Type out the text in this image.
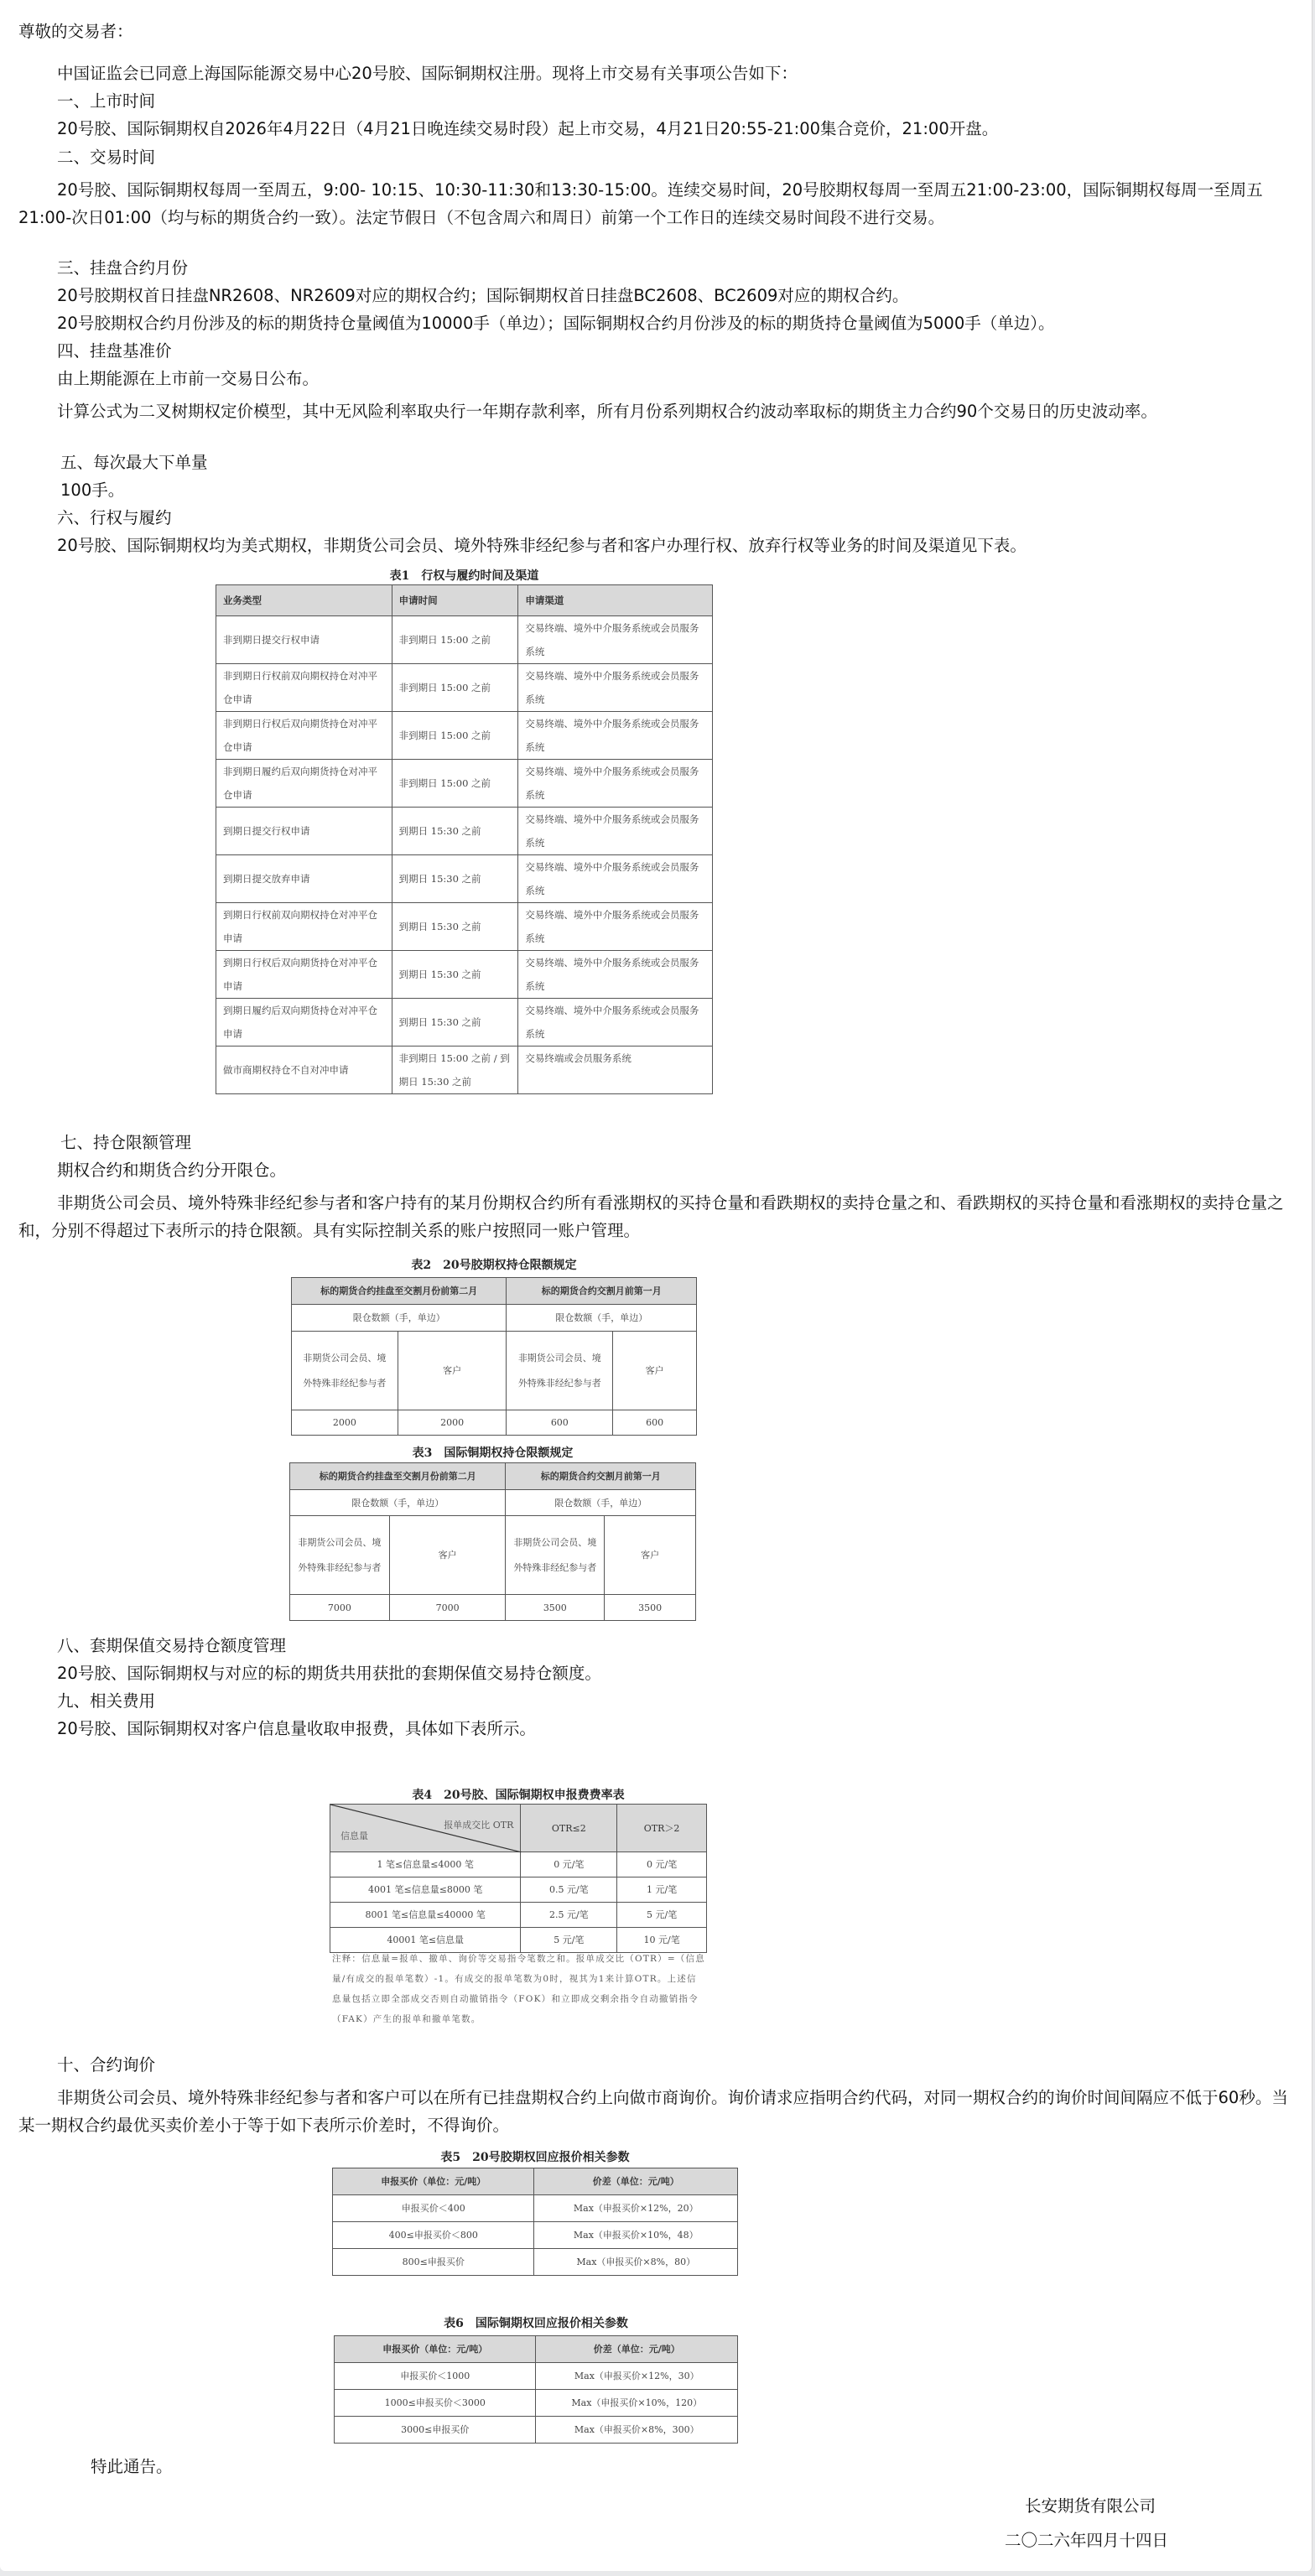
尊敬的交易者：
中国证监会已同意上海国际能源交易中心20号胶、国际铜期权注册。现将上市交易有关事项公告如下：
一、上市时间
20号胶、国际铜期权自2026年4月22日（4月21日晚连续交易时段）起上市交易，4月21日20:55-21:00集合竞价，21:00开盘。
二、交易时间
20号胶、国际铜期权每周一至周五，9:00- 10:15、10:30-11:30和13:30-15:00。连续交易时间，20号胶期权每周一至周五21:00-23:00，国际铜期权每周一至周五21:00-次日01:00（均与标的期货合约一致）。法定节假日（不包含周六和周日）前第一个工作日的连续交易时间段不进行交易。
三、挂盘合约月份
20号胶期权首日挂盘NR2608、NR2609对应的期权合约；国际铜期权首日挂盘BC2608、BC2609对应的期权合约。
20号胶期权合约月份涉及的标的期货持仓量阈值为10000手（单边）；国际铜期权合约月份涉及的标的期货持仓量阈值为5000手（单边）。
四、挂盘基准价
由上期能源在上市前一交易日公布。
计算公式为二叉树期权定价模型，其中无风险利率取央行一年期存款利率，所有月份系列期权合约波动率取标的期货主力合约90个交易日的历史波动率。
五、每次最大下单量
100手。
六、行权与履约
20号胶、国际铜期权均为美式期权，非期货公司会员、境外特殊非经纪参与者和客户办理行权、放弃行权等业务的时间及渠道见下表。
表1　行权与履约时间及渠道
业务类型	申请时间	申请渠道
非到期日提交行权申请	非到期日 15:00 之前	交易终端、境外中介服务系统或会员服务系统
非到期日行权前双向期权持仓对冲平仓申请	非到期日 15:00 之前	交易终端、境外中介服务系统或会员服务系统
非到期日行权后双向期货持仓对冲平仓申请	非到期日 15:00 之前	交易终端、境外中介服务系统或会员服务系统
非到期日履约后双向期货持仓对冲平仓申请	非到期日 15:00 之前	交易终端、境外中介服务系统或会员服务系统
到期日提交行权申请	到期日 15:30 之前	交易终端、境外中介服务系统或会员服务系统
到期日提交放弃申请	到期日 15:30 之前	交易终端、境外中介服务系统或会员服务系统
到期日行权前双向期权持仓对冲平仓申请	到期日 15:30 之前	交易终端、境外中介服务系统或会员服务系统
到期日行权后双向期货持仓对冲平仓申请	到期日 15:30 之前	交易终端、境外中介服务系统或会员服务系统
到期日履约后双向期货持仓对冲平仓申请	到期日 15:30 之前	交易终端、境外中介服务系统或会员服务系统
做市商期权持仓不自对冲申请	非到期日 15:00 之前 / 到期日 15:30 之前	交易终端或会员服务系统
七、持仓限额管理
期权合约和期货合约分开限仓。
非期货公司会员、境外特殊非经纪参与者和客户持有的某月份期权合约所有看涨期权的买持仓量和看跌期权的卖持仓量之和、看跌期权的买持仓量和看涨期权的卖持仓量之和，分别不得超过下表所示的持仓限额。具有实际控制关系的账户按照同一账户管理。
表2　20号胶期权持仓限额规定
标的期货合约挂盘至交割月份前第二月		标的期货合约交割月前第一月	
限仓数额（手，单边）		限仓数额（手，单边）	
非期货公司会员、境外特殊非经纪参与者	客户	非期货公司会员、境外特殊非经纪参与者	客户
2000	2000	600	600
表3　国际铜期权持仓限额规定
标的期货合约挂盘至交割月份前第二月		标的期货合约交割月前第一月	
限仓数额（手，单边）		限仓数额（手，单边）	
非期货公司会员、境外特殊非经纪参与者	客户	非期货公司会员、境外特殊非经纪参与者	客户
7000	7000	3500	3500
八、套期保值交易持仓额度管理
20号胶、国际铜期权与对应的标的期货共用获批的套期保值交易持仓额度。
九、相关费用
20号胶、国际铜期权对客户信息量收取申报费，具体如下表所示。
表4　20号胶、国际铜期权申报费费率表
报单成交比 OTR
信息量	OTR≤2	OTR＞2
1 笔≤信息量≤4000 笔	0 元/笔	0 元/笔
4001 笔≤信息量≤8000 笔	0.5 元/笔	1 元/笔
8001 笔≤信息量≤40000 笔	2.5 元/笔	5 元/笔
40001 笔≤信息量	5 元/笔	10 元/笔
注释：信息量=报单、撤单、询价等交易指令笔数之和。报单成交比（OTR）=（信息量/有成交的报单笔数）-1。有成交的报单笔数为0时，视其为1来计算OTR。上述信息量包括立即全部成交否则自动撤销指令（FOK）和立即成交剩余指令自动撤销指令（FAK）产生的报单和撤单笔数。
十、合约询价
非期货公司会员、境外特殊非经纪参与者和客户可以在所有已挂盘期权合约上向做市商询价。询价请求应指明合约代码，对同一期权合约的询价时间间隔应不低于60秒。当某一期权合约最优买卖价差小于等于如下表所示价差时，不得询价。
表5　20号胶期权回应报价相关参数
申报买价（单位：元/吨）	价差（单位：元/吨）
申报买价＜400	Max（申报买价×12%，20）
400≤申报买价＜800	Max（申报买价×10%，48）
800≤申报买价	Max（申报买价×8%，80）
表6　国际铜期权回应报价相关参数
申报买价（单位：元/吨）	价差（单位：元/吨）
申报买价＜1000	Max（申报买价×12%，30）
1000≤申报买价＜3000	Max（申报买价×10%，120）
3000≤申报买价	Max（申报买价×8%，300）
特此通告。
长安期货有限公司
二〇二六年四月十四日
